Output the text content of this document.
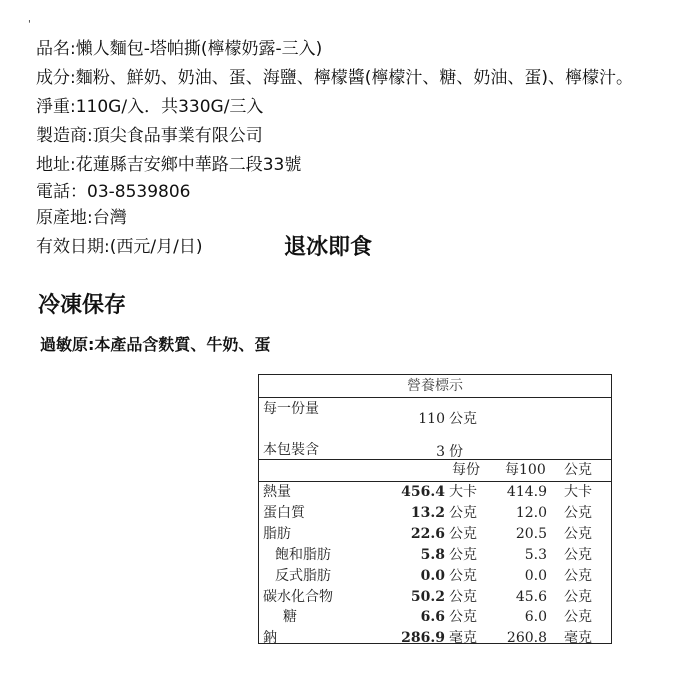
'
品名:懶人麵包-塔帕撕(檸檬奶露-三入)
成分:麵粉、鮮奶、奶油、蛋、海鹽、檸檬醬(檸檬汁、糖、奶油、蛋)、檸檬汁。
淨重:110G/入．共330G/三入
製造商:頂尖食品事業有限公司
地址:花蓮縣吉安鄉中華路二段33號
電話：03-8539806
原產地:台灣
有效日期:(西元/月/日)	退冰即食
冷凍保存
過敏原:本產品含麩質、牛奶、蛋
營養標示
每一份量
110 公克
本包裝含	3 份
每份 每100 公克
熱量	456.4 大卡	414.9 大卡
蛋白質	13.2 公克	12.0 公克
脂肪	22.6 公克	20.5 公克
飽和脂肪	5.8 公克	5.3 公克
反式脂肪	0.0 公克	0.0 公克
碳水化合物	50.2 公克	45.6 公克
糖	6.6 公克	6.0 公克
鈉	286.9 毫克	260.8 毫克
